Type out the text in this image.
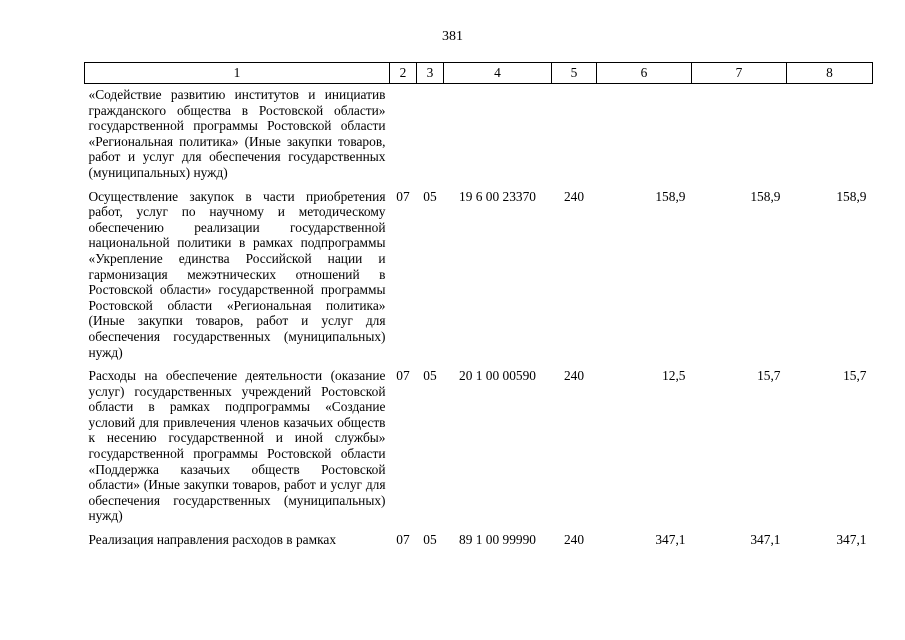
381
1	2	3	4	5	6	7	8
«Содействие развитию институтов и инициатив гражданского общества в Ростовской области» государственной программы Ростовской области «Региональная политика» (Иные закупки товаров, работ и услуг для обеспечения государственных (муниципальных) нужд)							
Осуществление закупок в части приобретения работ, услуг по научному и методическому обеспечению реализации государственной национальной политики в рамках подпрограммы «Укрепление единства Российской нации и гармонизация межэтнических отношений в Ростовской области» государственной программы Ростовской области «Региональная политика» (Иные закупки товаров, работ и услуг для обеспечения государственных (муниципальных) нужд)	07	05	19 6 00 23370	240	158,9	158,9	158,9
Расходы на обеспечение деятельности (оказание услуг) государственных учреждений Ростовской области в рамках подпрограммы «Создание условий для привлечения членов казачьих обществ к несению государственной и иной службы» государственной программы Ростовской области «Поддержка казачьих обществ Ростовской области» (Иные закупки товаров, работ и услуг для обеспечения государственных (муниципальных) нужд)	07	05	20 1 00 00590	240	12,5	15,7	15,7
Реализация направления расходов в рамках	07	05	89 1 00 99990	240	347,1	347,1	347,1
